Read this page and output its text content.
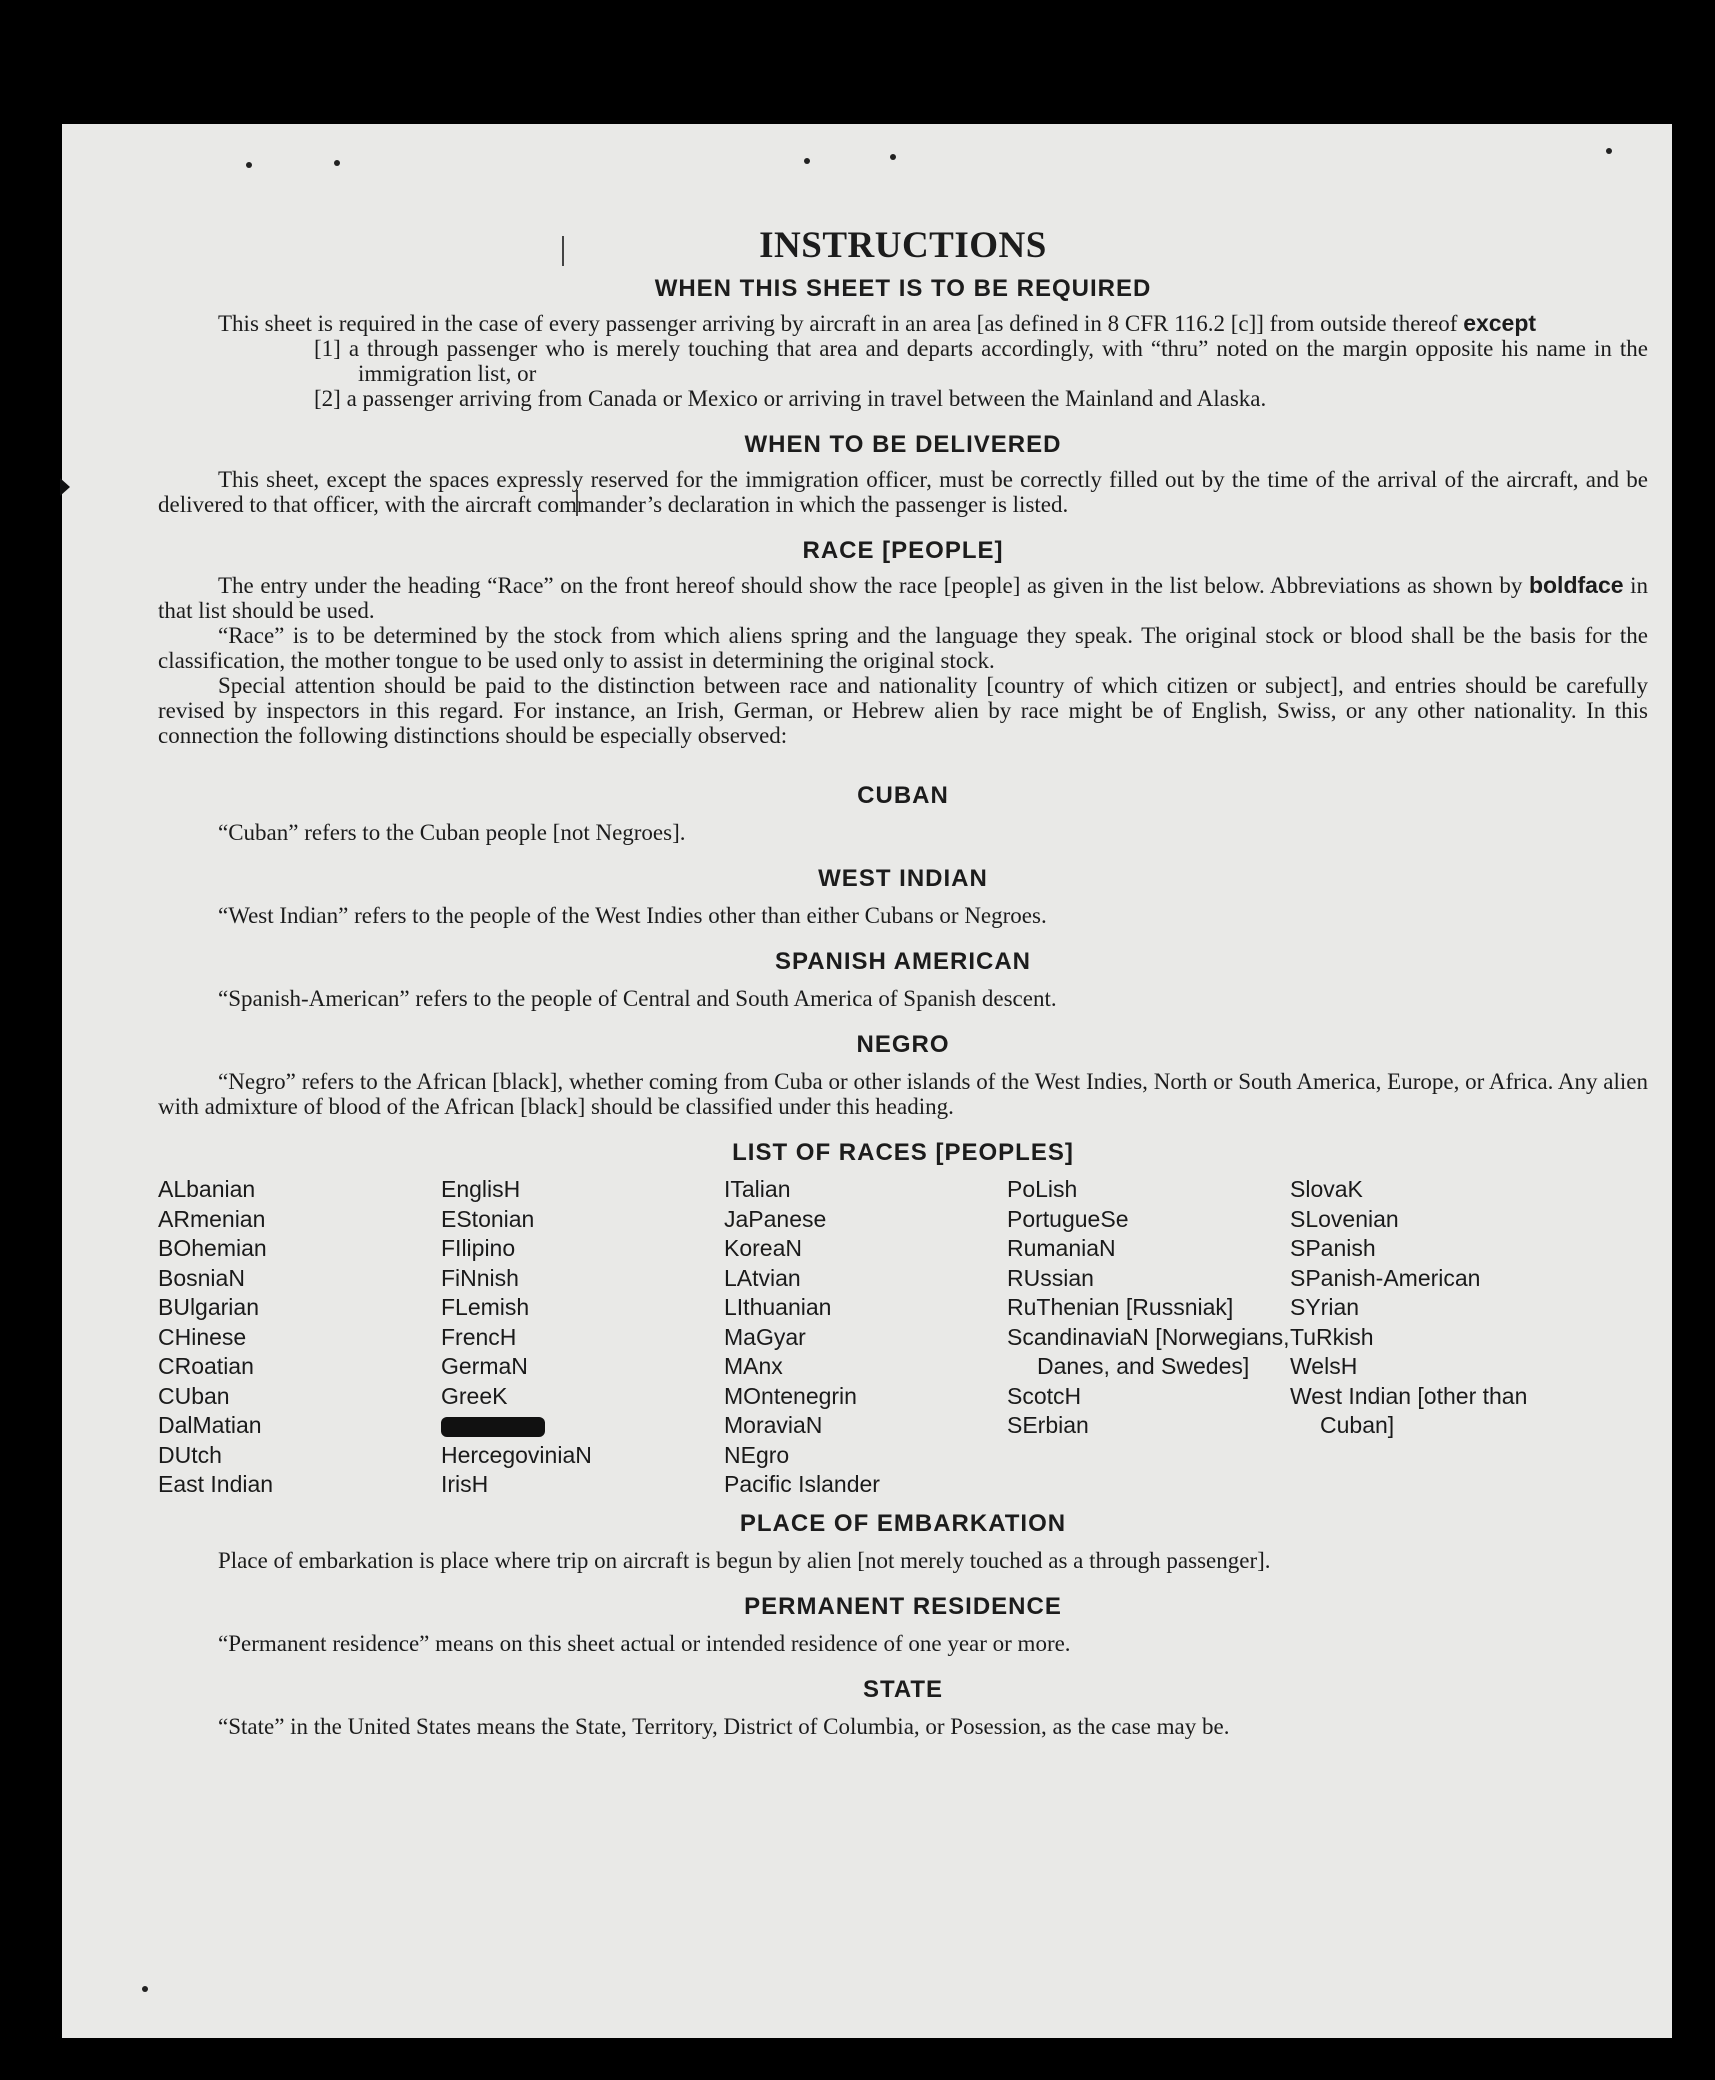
INSTRUCTIONS
WHEN THIS SHEET IS TO BE REQUIRED

This sheet is required in the case of every passenger arriving by aircraft in an area [as defined in 8 CFR 116.2 [c]] from outside thereof except

[1] a through passenger who is merely touching that area and departs accordingly, with “thru” noted on the margin opposite his name in the immigration list, or

[2] a passenger arriving from Canada or Mexico or arriving in travel between the Mainland and Alaska.

WHEN TO BE DELIVERED

This sheet, except the spaces expressly reserved for the immigration officer, must be correctly filled out by the time of the arrival of the aircraft, and be delivered to that officer, with the aircraft commander’s declaration in which the passenger is listed.

RACE [PEOPLE]

The entry under the heading “Race” on the front hereof should show the race [people] as given in the list below. Abbreviations as shown by boldface in that list should be used.

“Race” is to be determined by the stock from which aliens spring and the language they speak. The original stock or blood shall be the basis for the classification, the mother tongue to be used only to assist in determining the original stock.

Special attention should be paid to the distinction between race and nationality [country of which citizen or subject], and entries should be carefully revised by inspectors in this regard. For instance, an Irish, German, or Hebrew alien by race might be of English, Swiss, or any other nationality. In this connection the following distinctions should be especially observed:

CUBAN

“Cuban” refers to the Cuban people [not Negroes].

WEST INDIAN

“West Indian” refers to the people of the West Indies other than either Cubans or Negroes.

SPANISH AMERICAN

“Spanish-American” refers to the people of Central and South America of Spanish descent.

NEGRO

“Negro” refers to the African [black], whether coming from Cuba or other islands of the West Indies, North or South America, Europe, or Africa. Any alien with admixture of blood of the African [black] should be classified under this heading.

LIST OF RACES [PEOPLES]
ALbanian
ARmenian
BOhemian
BosniaN
BUlgarian
CHinese
CRoatian
CUban
DalMatian
DUtch
East Indian
EnglisH
EStonian
FIlipino
FiNnish
FLemish
FrencH
GermaN
GreeK
HercegoviniaN
IrisH
ITalian
JaPanese
KoreaN
LAtvian
LIthuanian
MaGyar
MAnx
MOntenegrin
MoraviaN
NEgro
Pacific Islander
PoLish
PortugueSe
RumaniaN
RUssian
RuThenian [Russniak]
ScandinaviaN [Norwegians, Danes, and Swedes]
ScotcH
SErbian
SlovaK
SLovenian
SPanish
SPanish-American
SYrian
TuRkish
WelsH
West Indian [other than Cuban]
PLACE OF EMBARKATION

Place of embarkation is place where trip on aircraft is begun by alien [not merely touched as a through passenger].

PERMANENT RESIDENCE

“Permanent residence” means on this sheet actual or intended residence of one year or more.

STATE

“State” in the United States means the State, Territory, District of Columbia, or Posession, as the case may be.
